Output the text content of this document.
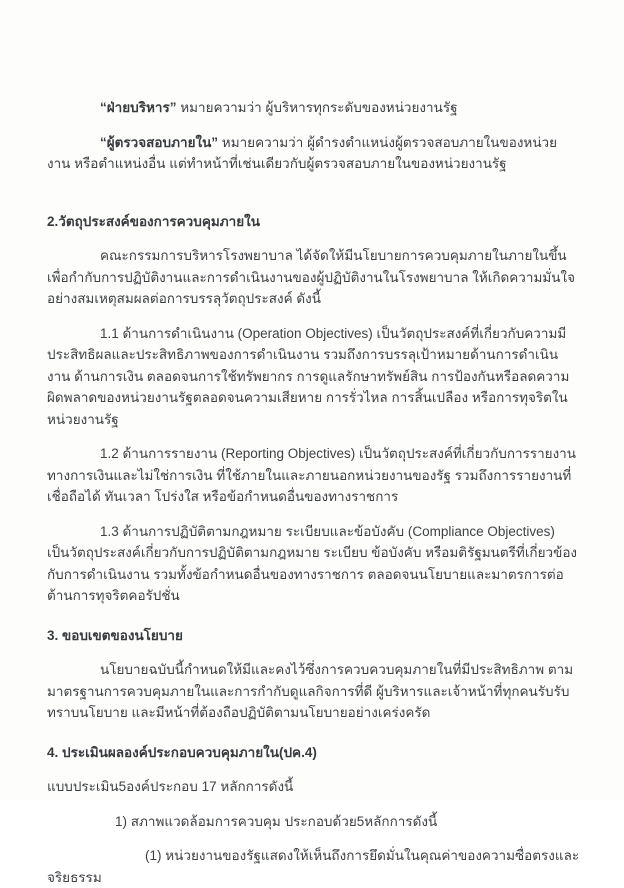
“ฝ่ายบริหาร” หมายความว่า ผู้บริหารทุกระดับของหน่วยงานรัฐ

“ผู้ตรวจสอบภายใน” หมายความว่า ผู้ดำรงตำแหน่งผู้ตรวจสอบภายในของหน่วยงาน หรือตำแหน่งอื่น แต่ทำหน้าที่เช่นเดียวกับผู้ตรวจสอบภายในของหน่วยงานรัฐ

2.วัตถุประสงค์ของการควบคุมภายใน

คณะกรรมการบริหารโรงพยาบาล ได้จัดให้มีนโยบายการควบคุมภายในภายในขึ้นเพื่อกำกับการปฏิบัติงานและการดำเนินงานของผู้ปฏิบัติงานในโรงพยาบาล ให้เกิดความมั่นใจอย่างสมเหตุสมผลต่อการบรรลุวัตถุประสงค์ ดังนี้

1.1 ด้านการดำเนินงาน (Operation Objectives) เป็นวัตถุประสงค์ที่เกี่ยวกับความมีประสิทธิผลและประสิทธิภาพของการดำเนินงาน รวมถึงการบรรลุเป้าหมายด้านการดำเนินงาน ด้านการเงิน ตลอดจนการใช้ทรัพยากร การดูแลรักษาทรัพย์สิน การป้องกันหรือลดความผิดพลาดของหน่วยงานรัฐตลอดจนความเสียหาย การรั่วไหล การสิ้นเปลือง หรือการทุจริตในหน่วยงานรัฐ

1.2 ด้านการรายงาน (Reporting Objectives) เป็นวัตถุประสงค์ที่เกี่ยวกับการรายงานทางการเงินและไม่ใช่การเงิน ที่ใช้ภายในและภายนอกหน่วยงานของรัฐ รวมถึงการรายงานที่เชื่อถือได้ ทันเวลา โปร่งใส หรือข้อกำหนดอื่นของทางราชการ

1.3 ด้านการปฏิบัติตามกฎหมาย ระเบียบและข้อบังคับ (Compliance Objectives) เป็นวัตถุประสงค์เกี่ยวกับการปฏิบัติตามกฎหมาย ระเบียบ ข้อบังคับ หรือมติรัฐมนตรีที่เกี่ยวข้องกับการดำเนินงาน รวมทั้งข้อกำหนดอื่นของทางราชการ ตลอดจนนโยบายและมาตรการต่อต้านการทุจริตคอรัปชั่น

3. ขอบเขตของนโยบาย

นโยบายฉบับนี้กำหนดให้มีและคงไว้ซึ่งการควบควบคุมภายในที่มีประสิทธิภาพ ตามมาตรฐานการควบคุมภายในและการกำกับดูแลกิจการที่ดี ผู้บริหารและเจ้าหน้าที่ทุกคนรับรับทราบนโยบาย และมีหน้าที่ต้องถือปฏิบัติตามนโยบายอย่างเคร่งครัด

4. ประเมินผลองค์ประกอบควบคุมภายใน(ปค.4)

แบบประเมิน5องค์ประกอบ 17 หลักการดังนี้

1) สภาพแวดล้อมการควบคุม ประกอบด้วย5หลักการดังนี้

(1) หน่วยงานของรัฐแสดงให้เห็นถึงการยึดมั่นในคุณค่าของความซื่อตรงและจริยธรรม
